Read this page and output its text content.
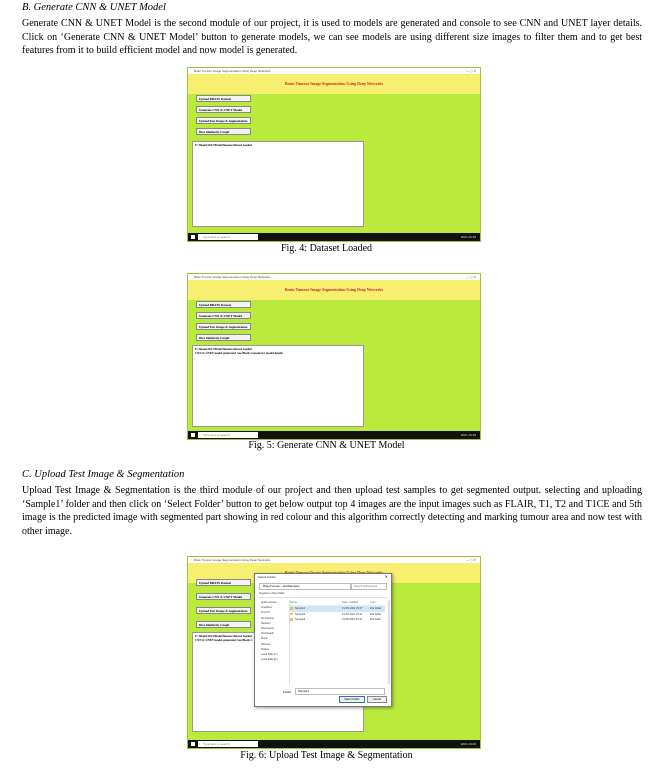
B. Generate CNN & UNET Model
Generate CNN & UNET Model is the second module of our project, it is used to models are generated and console to see CNN and UNET layer details. Click on ‘Generate CNN & UNET Model’ button to generate models, we can see models are using different size images to filter them and to get best features from it to build efficient model and now model is generated.
Brain Tumour Image Segmentation Using Deep Networks	— ▢ ✕
Brain Tumour Image Segmentation Using Deep Networks
Upload BRATS Dataset
Generate CNN & UNET Model
Upload Test Image & Segmentation
Dice Similarity Graph
E:/Shami/2021/BrainTumour/dataset loaded
Type here to search	ENG 16:46
Fig. 4: Dataset Loaded
Brain Tumour Image Segmentation Using Deep Networks	— ▢ ✕
Brain Tumour Image Segmentation Using Deep Networks
Upload BRATS Dataset
Generate CNN & UNET Model
Upload Test Image & Segmentation
Dice Similarity Graph
E:/Shami/2021/BrainTumour/dataset loaded
CNN & UNET model generated. See Black Console for model details
Type here to search	ENG 16:46
Fig. 5: Generate CNN & UNET Model
C. Upload Test Image & Segmentation
Upload Test Image & Segmentation is the third module of our project and then upload test samples to get segmented output. selecting and uploading ‘Sample1’ folder and then click on ‘Select Folder’ button to get below output top 4 images are the input images such as FLAIR, T1, T2 and T1CE and 5th image is the predicted image with segmented part showing in red colour and this algorithm correctly detecting and marking tumour area and now test with other image.
Brain Tumour Image Segmentation Using Deep Networks	— ▢ ✕
Upload BRATS Dataset
Generate CNN & UNET Model
Upload Test Image & Segmentation
Dice Similarity Graph
E:/Shami/2021/BrainTumour/dataset loaded
CNN & UNET model generated. See Black C
Select Folder	✕
BrainTumour › testSamples	Search testSamples
Organize ▾ New folder
Quick access
OneDrive
This PC
3D Objects
Desktop
Documents
Downloads
Music
Pictures
Videos
Local Disk (C:)
Local Disk (E:)
Name	Date modified	Type
Sample1	19-05-2021 15:27	File folder
Sample2	19-05-2021 15:27	File folder
Sample3	19-05-2021 15:27	File folder
Folder:	Sample1
Select Folder	Cancel
Type here to search	ENG 16:46
Fig. 6: Upload Test Image & Segmentation
